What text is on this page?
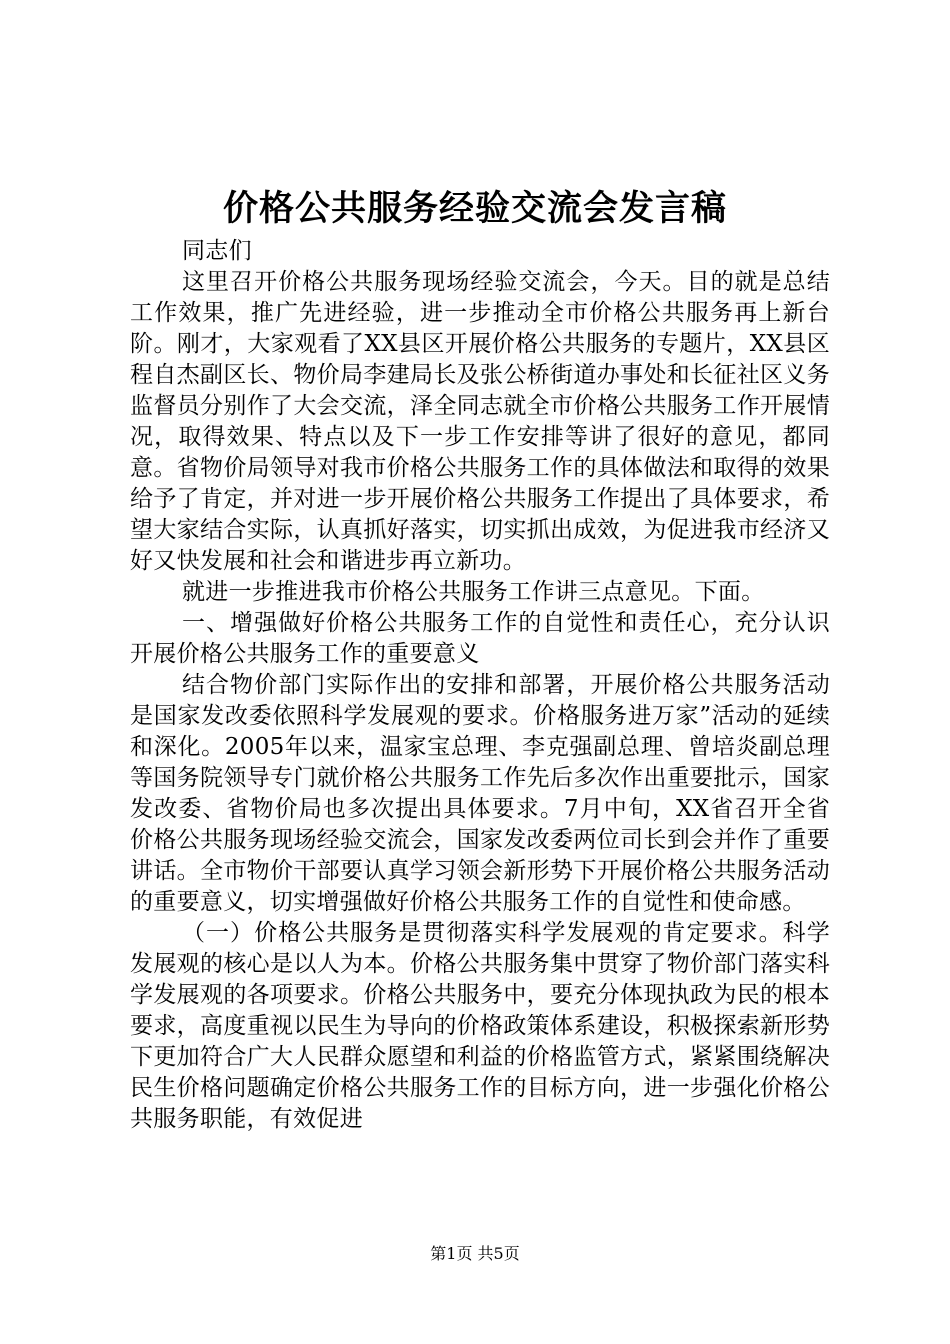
价格公共服务经验交流会发言稿

同志们

这里召开价格公共服务现场经验交流会，今天。目的就是总结工作效果，推广先进经验，进一步推动全市价格公共服务再上新台阶。刚才，大家观看了XX县区开展价格公共服务的专题片，XX县区程自杰副区长、物价局李建局长及张公桥街道办事处和长征社区义务监督员分别作了大会交流，泽全同志就全市价格公共服务工作开展情况，取得效果、特点以及下一步工作安排等讲了很好的意见，都同意。省物价局领导对我市价格公共服务工作的具体做法和取得的效果给予了肯定，并对进一步开展价格公共服务工作提出了具体要求，希望大家结合实际，认真抓好落实，切实抓出成效，为促进我市经济又好又快发展和社会和谐进步再立新功。

就进一步推进我市价格公共服务工作讲三点意见。下面。

一、增强做好价格公共服务工作的自觉性和责任心，充分认识开展价格公共服务工作的重要意义

结合物价部门实际作出的安排和部署，开展价格公共服务活动是国家发改委依照科学发展观的要求。价格服务进万家”活动的延续和深化。2005年以来，温家宝总理、李克强副总理、曾培炎副总理等国务院领导专门就价格公共服务工作先后多次作出重要批示，国家发改委、省物价局也多次提出具体要求。7月中旬，XX省召开全省价格公共服务现场经验交流会，国家发改委两位司长到会并作了重要讲话。全市物价干部要认真学习领会新形势下开展价格公共服务活动的重要意义，切实增强做好价格公共服务工作的自觉性和使命感。

（一）价格公共服务是贯彻落实科学发展观的肯定要求。科学发展观的核心是以人为本。价格公共服务集中贯穿了物价部门落实科学发展观的各项要求。价格公共服务中，要充分体现执政为民的根本要求，高度重视以民生为导向的价格政策体系建设，积极探索新形势下更加符合广大人民群众愿望和利益的价格监管方式，紧紧围绕解决民生价格问题确定价格公共服务工作的目标方向，进一步强化价格公共服务职能，有效促进

第1页 共5页
